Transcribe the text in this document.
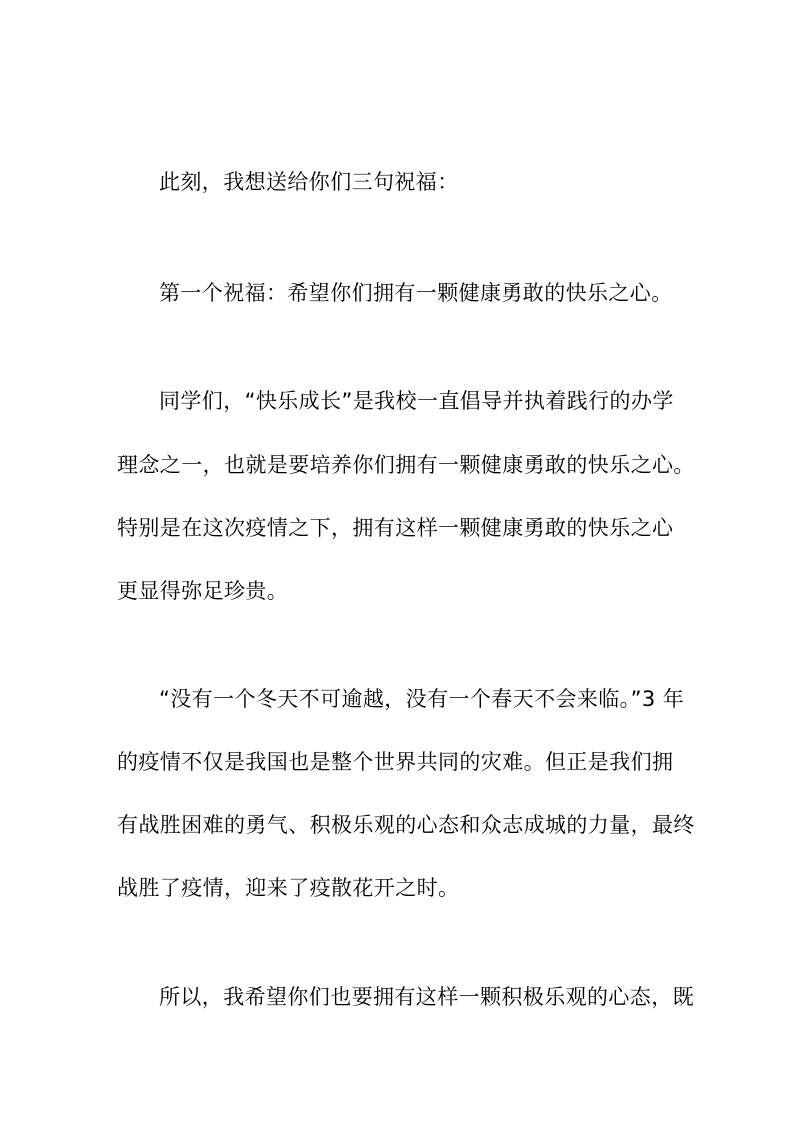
此刻，我想送给你们三句祝福：
第一个祝福：希望你们拥有一颗健康勇敢的快乐之心。
同学们，“快乐成长”是我校一直倡导并执着践行的办学
理念之一，也就是要培养你们拥有一颗健康勇敢的快乐之心。
特别是在这次疫情之下，拥有这样一颗健康勇敢的快乐之心
更显得弥足珍贵。
“没有一个冬天不可逾越，没有一个春天不会来临。”3 年
的疫情不仅是我国也是整个世界共同的灾难。但正是我们拥
有战胜困难的勇气、积极乐观的心态和众志成城的力量，最终
战胜了疫情，迎来了疫散花开之时。
所以，我希望你们也要拥有这样一颗积极乐观的心态，既
